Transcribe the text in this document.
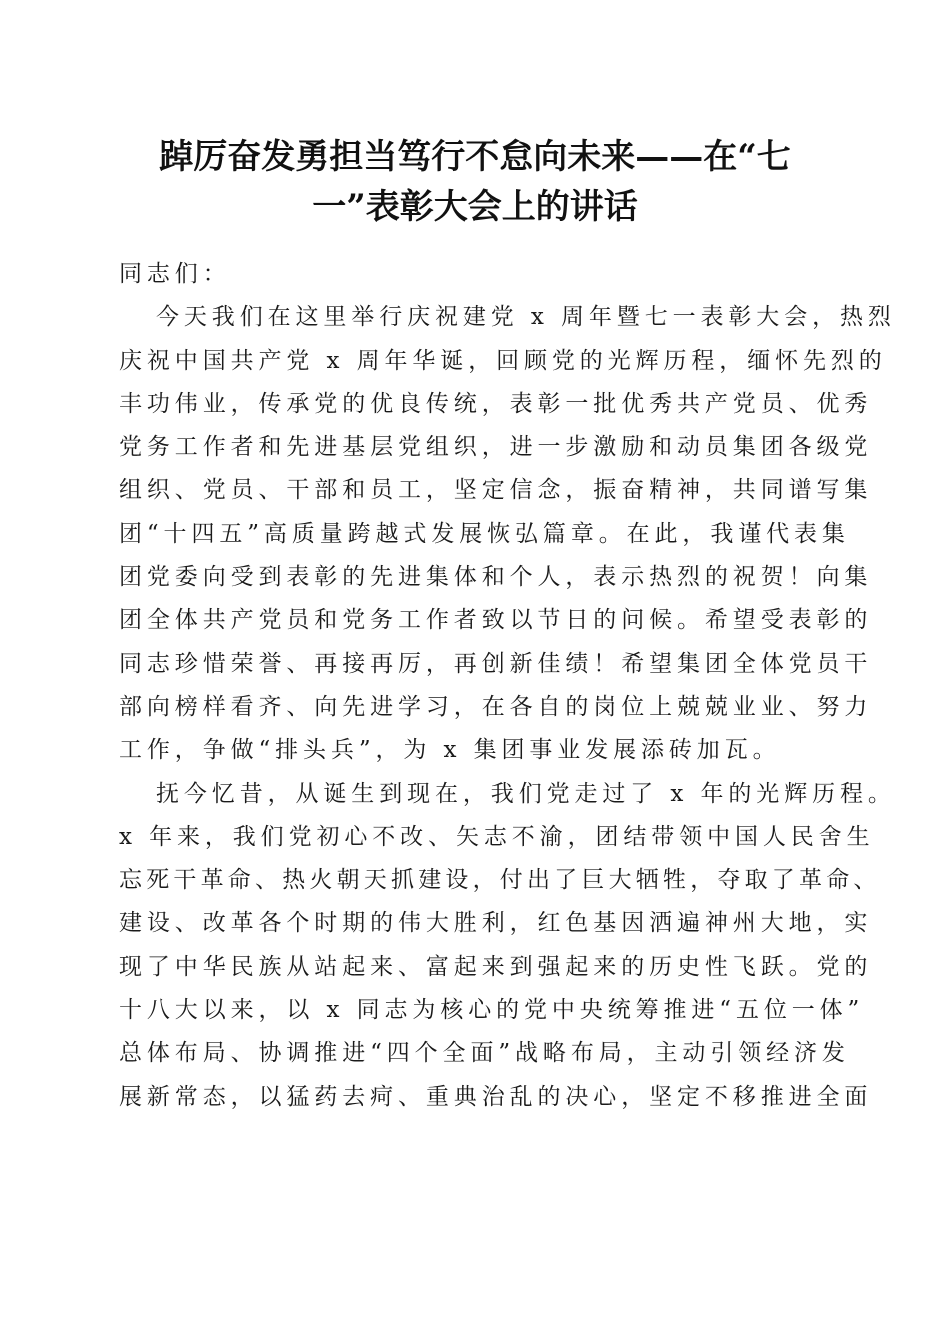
踔厉奋发勇担当笃行不怠向未来——在“七
一”表彰大会上的讲话
同志们：
今天我们在这里举行庆祝建党 x 周年暨七一表彰大会，热烈
庆祝中国共产党 x 周年华诞，回顾党的光辉历程，缅怀先烈的
丰功伟业，传承党的优良传统，表彰一批优秀共产党员、优秀
党务工作者和先进基层党组织，进一步激励和动员集团各级党
组织、党员、干部和员工，坚定信念，振奋精神，共同谱写集
团“十四五”高质量跨越式发展恢弘篇章。在此，我谨代表集
团党委向受到表彰的先进集体和个人，表示热烈的祝贺！向集
团全体共产党员和党务工作者致以节日的问候。希望受表彰的
同志珍惜荣誉、再接再厉，再创新佳绩！希望集团全体党员干
部向榜样看齐、向先进学习，在各自的岗位上兢兢业业、努力
工作，争做“排头兵”，为 x 集团事业发展添砖加瓦。
抚今忆昔，从诞生到现在，我们党走过了 x 年的光辉历程。
x 年来，我们党初心不改、矢志不渝，团结带领中国人民舍生
忘死干革命、热火朝天抓建设，付出了巨大牺牲，夺取了革命、
建设、改革各个时期的伟大胜利，红色基因洒遍神州大地，实
现了中华民族从站起来、富起来到强起来的历史性飞跃。党的
十八大以来，以 x 同志为核心的党中央统筹推进“五位一体”
总体布局、协调推进“四个全面”战略布局，主动引领经济发
展新常态，以猛药去疴、重典治乱的决心，坚定不移推进全面
